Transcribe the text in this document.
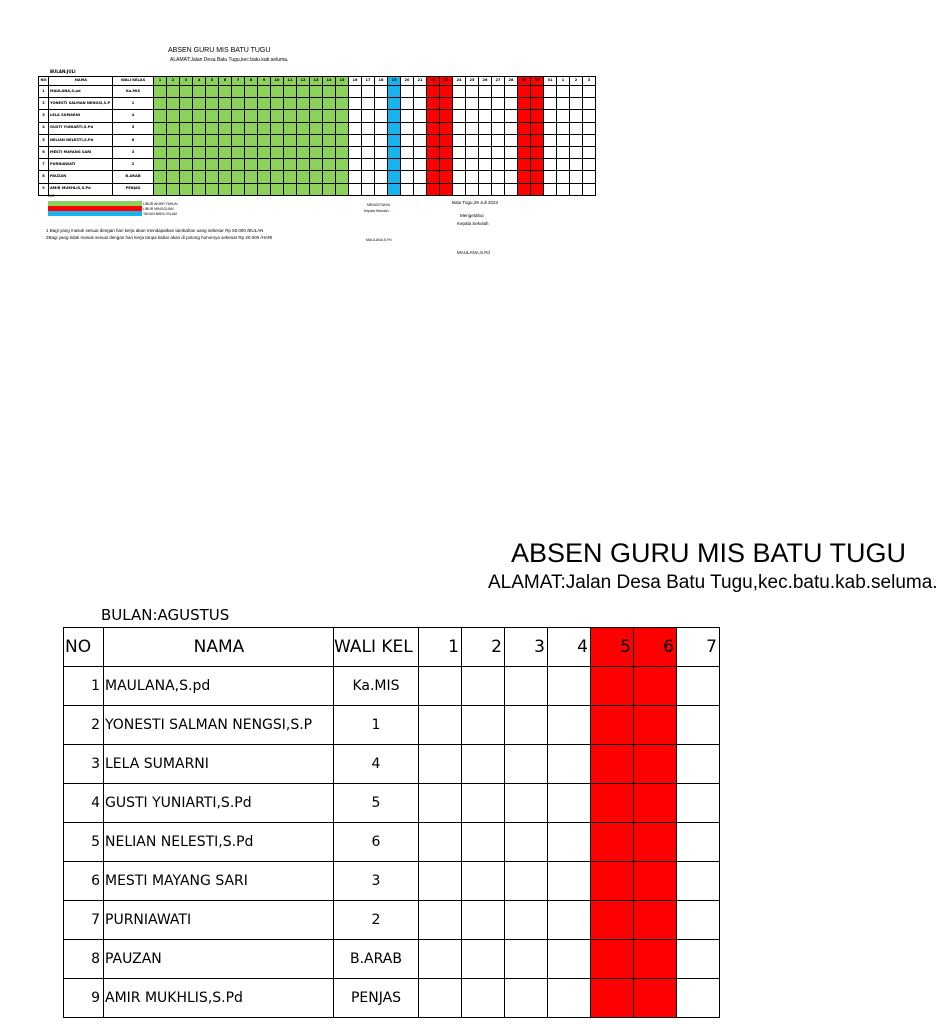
ABSEN GURU MIS BATU TUGU
ALAMAT:Jalan Desa Batu Tugu,kec.batu.kab.seluma.
BULAN:JULI
NO	NAMA	WALI KELAS	1	2	3	4	5	6	7	8	9	10	11	12	13	14	15	16	17	18	19	20	21	22	23	24	25	26	27	28	29	30	31	1	2	3
1	MAULANA,S.pd	Ka.MIS																																		
2	YONESTI SALMAN NENGSI,S.P	1																																		
3	LELA SUMARNI	4																																		
4	GUSTI YUNIARTI,S.Pd	5																																		
5	NELIAN NELESTI,S.Pd	6																																		
6	MESTI MAYANG SARI	3																																		
7	PURNIAWATI	2																																		
8	PAUZAN	B.ARAB																																		
9	AMIR MUKHLIS,S.Pd	PENJAS																																		
CAT:
LIBUR AKHIR TAHUN
LIBUR MINGGUAN
TAHUN BARU ISLAM
1 Bagi yang masuk sesuai dengan hari kerja akan mendapatkan tambahan uang sebesar Rp 50.000 /BULAN
2Bagi yang tidak masuk sesuai dengan hari kerja tanpa kabar akan di potong honornya sebesar Rp 20.000 /HARI
MENGETAHUI
Kepala Sekolah
MAULANA,S.Pd
Batu Tugu,29 Juli 2023
Mengetahui
Kepala Sekolah
MAULANA,S.Pd
ABSEN GURU MIS BATU TUGU
ALAMAT:Jalan Desa Batu Tugu,kec.batu.kab.seluma.
BULAN:AGUSTUS
NO	NAMA	WALI KEL	1	2	3	4	5	6	7
1	MAULANA,S.pd	Ka.MIS							
2	YONESTI SALMAN NENGSI,S.P	1							
3	LELA SUMARNI	4							
4	GUSTI YUNIARTI,S.Pd	5							
5	NELIAN NELESTI,S.Pd	6							
6	MESTI MAYANG SARI	3							
7	PURNIAWATI	2							
8	PAUZAN	B.ARAB							
9	AMIR MUKHLIS,S.Pd	PENJAS							
